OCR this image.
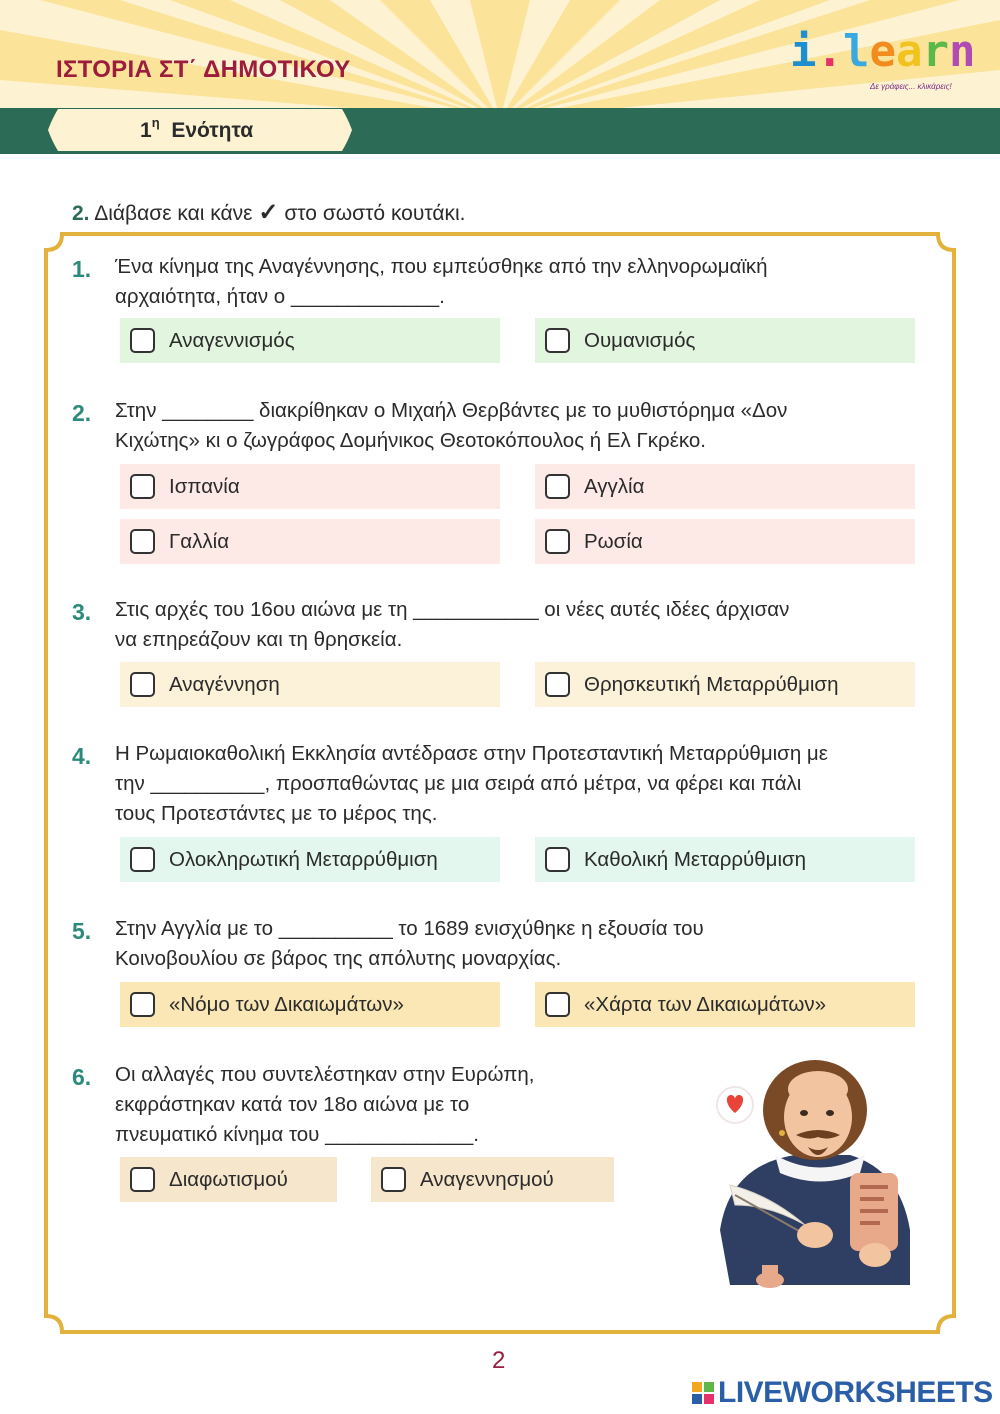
ΙΣΤΟΡΙΑ ΣΤ΄ ΔΗΜΟΤΙΚΟΥ	i.learn
Δε γράφεις... κλικάρεις!
$1^\eta$ Ενότητα
2. Διάβασε και κάνε ✓ στο σωστό κουτάκι.
1. Ένα κίνημα της Αναγέννησης, που εμπεύσθηκε από την ελληνορωμαϊκή
αρχαιότητα, ήταν ο _____________.
Αναγεννισμός	Ουμανισμός
2. Στην ________ διακρίθηκαν ο Μιχαήλ Θερβάντες με το μυθιστόρημα «Δον
Κιχώτης» κι ο ζωγράφος Δομήνικος Θεοτοκόπουλος ή Ελ Γκρέκο.
Ισπανία	Αγγλία
Γαλλία	Ρωσία
3. Στις αρχές του 16ου αιώνα με τη ___________ οι νέες αυτές ιδέες άρχισαν
να επηρεάζουν και τη θρησκεία.
Αναγέννηση	Θρησκευτική Μεταρρύθμιση
4. Η Ρωμαιοκαθολική Εκκλησία αντέδρασε στην Προτεσταντική Μεταρρύθμιση με
την __________, προσπαθώντας με μια σειρά από μέτρα, να φέρει και πάλι
τους Προτεστάντες με το μέρος της.
Ολοκληρωτική Μεταρρύθμιση	Καθολική Μεταρρύθμιση
5. Στην Αγγλία με το __________ το 1689 ενισχύθηκε η εξουσία του
Κοινοβουλίου σε βάρος της απόλυτης μοναρχίας.
«Νόμο των Δικαιωμάτων»	«Χάρτα των Δικαιωμάτων»
6. Οι αλλαγές που συντελέστηκαν στην Ευρώπη,
εκφράστηκαν κατά τον 18ο αιώνα με το
πνευματικό κίνημα του _____________.
Διαφωτισμού	Αναγεννησμού
2
LIVEWORKSHEETS
